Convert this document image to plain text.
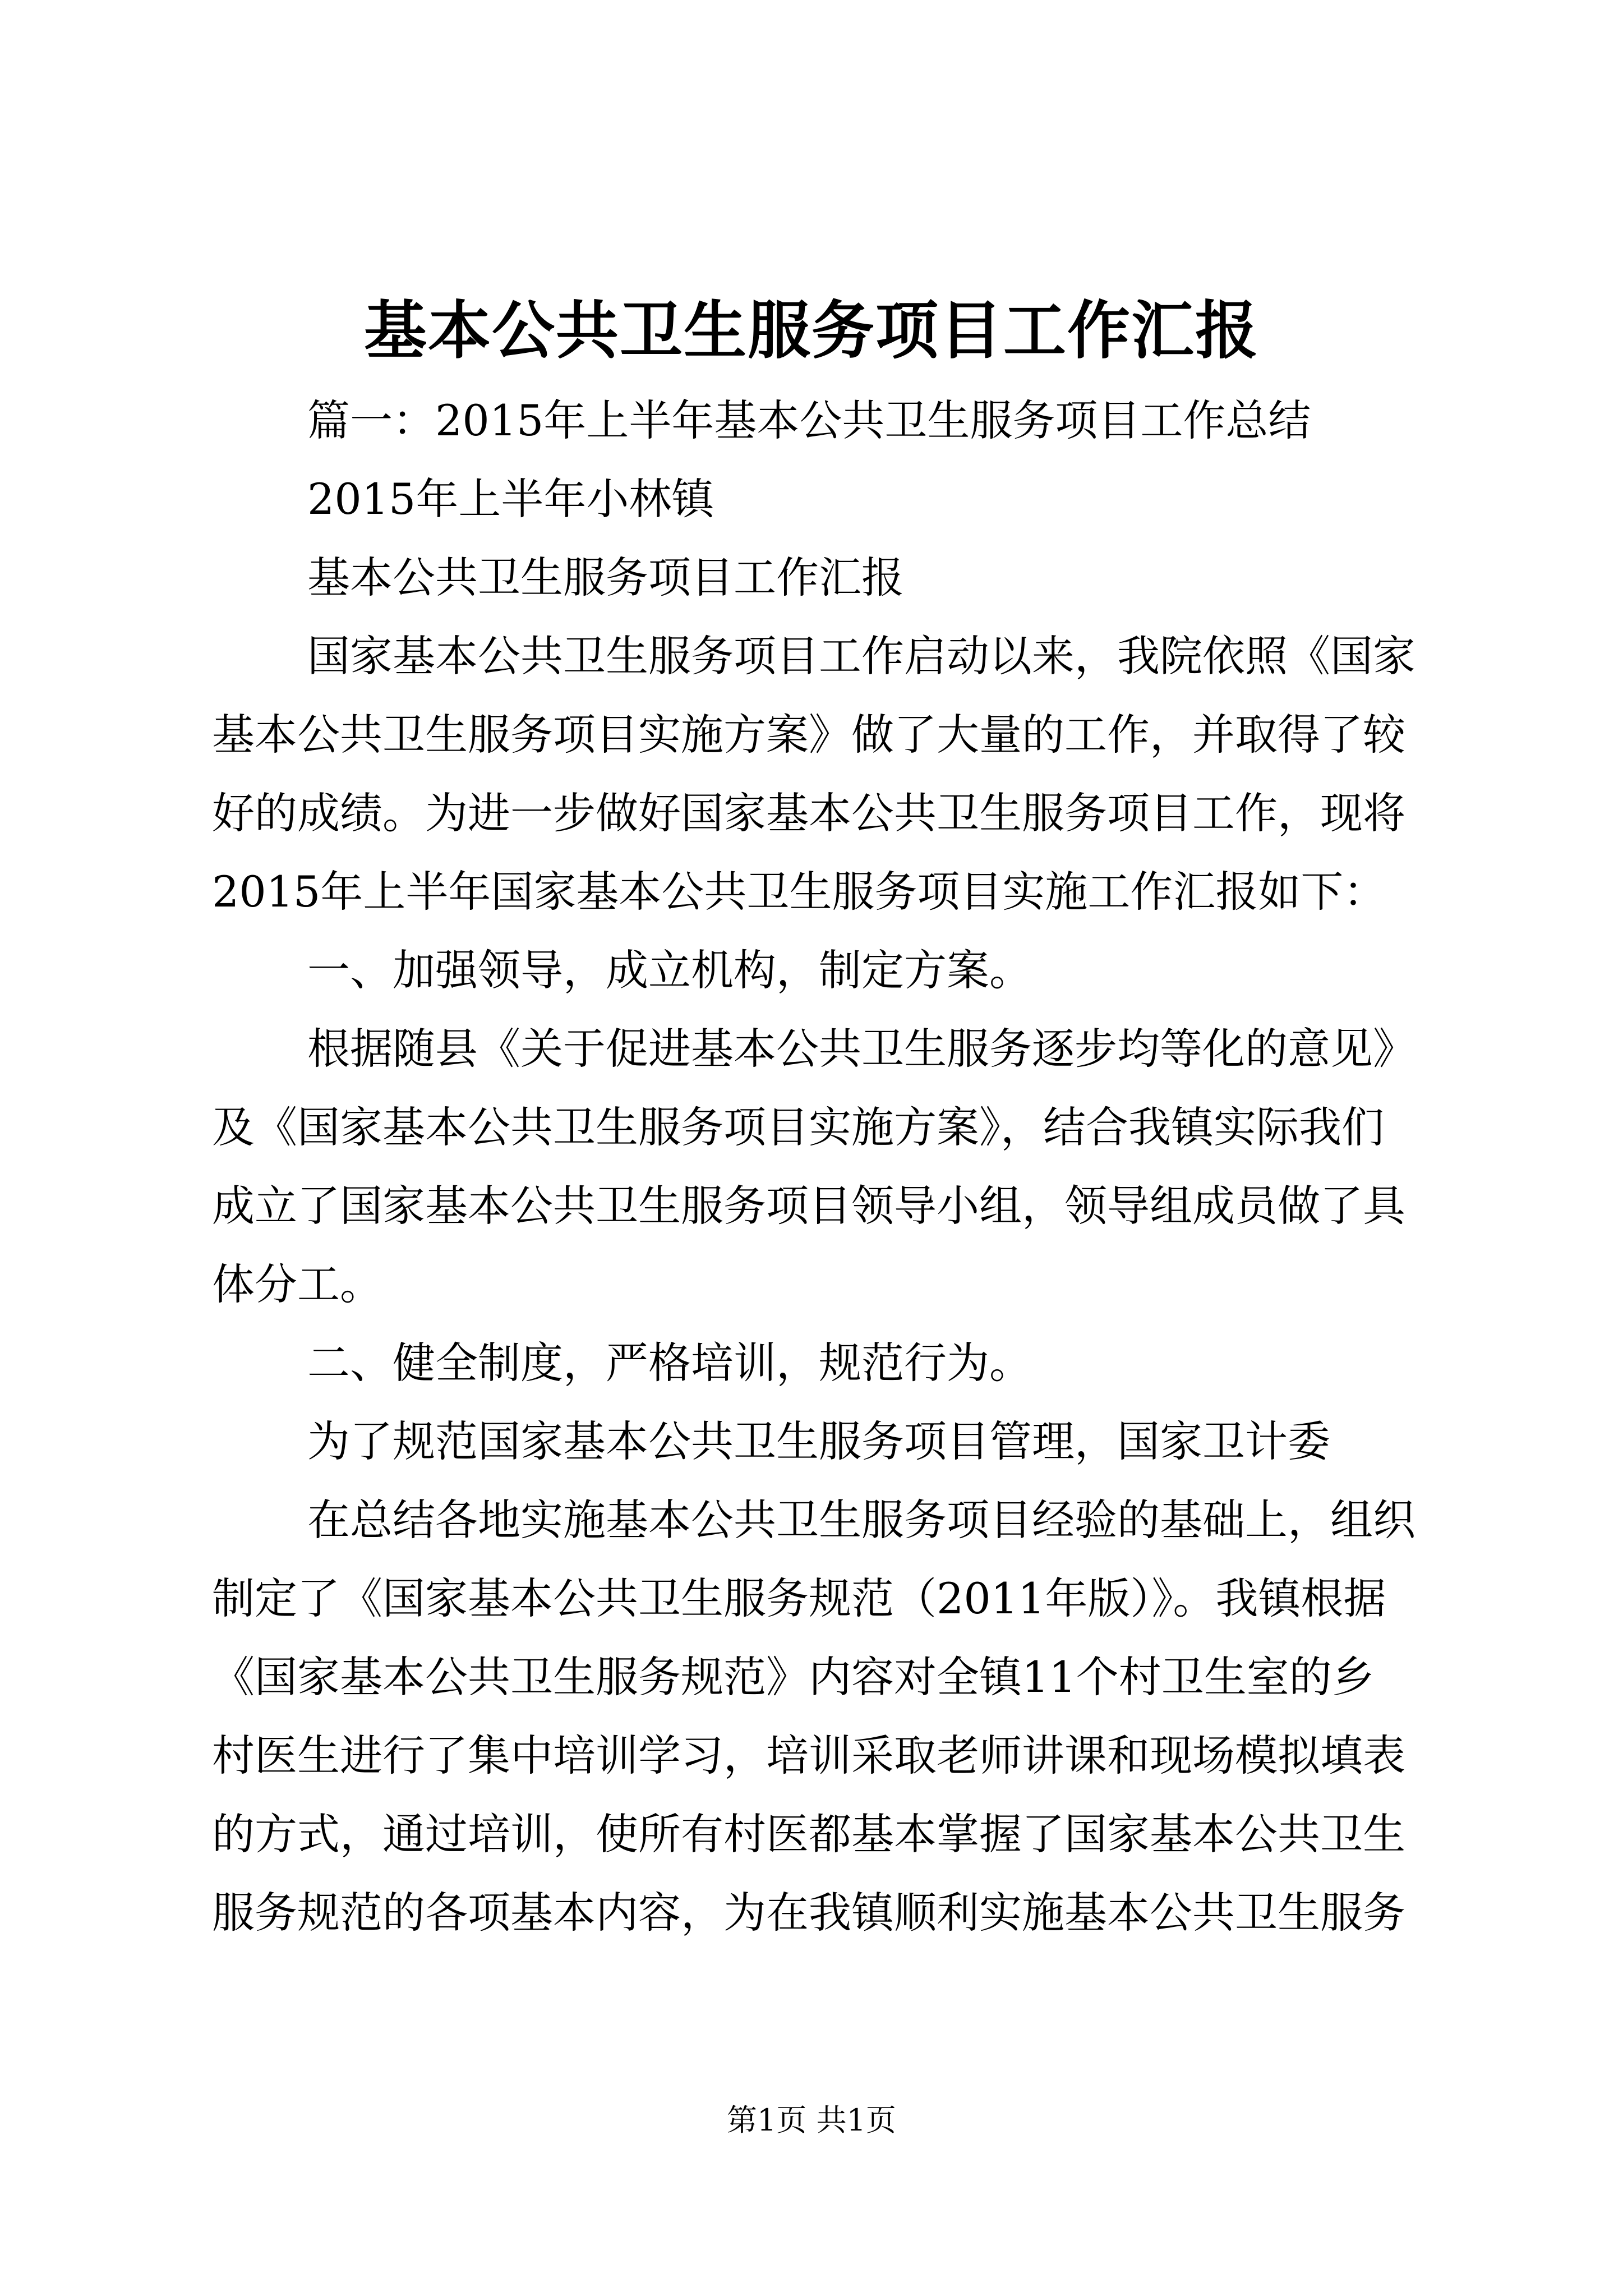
基本公共卫生服务项目工作汇报
篇一：2015年上半年基本公共卫生服务项目工作总结
2015年上半年小林镇
基本公共卫生服务项目工作汇报
国家基本公共卫生服务项目工作启动以来，我院依照《国家
基本公共卫生服务项目实施方案》做了大量的工作，并取得了较
好的成绩。为进一步做好国家基本公共卫生服务项目工作，现将
2015年上半年国家基本公共卫生服务项目实施工作汇报如下：
一、加强领导，成立机构，制定方案。
根据随县《关于促进基本公共卫生服务逐步均等化的意见》
及《国家基本公共卫生服务项目实施方案》，结合我镇实际我们
成立了国家基本公共卫生服务项目领导小组，领导组成员做了具
体分工。
二、健全制度，严格培训，规范行为。
为了规范国家基本公共卫生服务项目管理，国家卫计委
在总结各地实施基本公共卫生服务项目经验的基础上，组织
制定了《国家基本公共卫生服务规范（2011年版）》。我镇根据
《国家基本公共卫生服务规范》内容对全镇11个村卫生室的乡
村医生进行了集中培训学习，培训采取老师讲课和现场模拟填表
的方式，通过培训，使所有村医都基本掌握了国家基本公共卫生
服务规范的各项基本内容，为在我镇顺利实施基本公共卫生服务
第1页 共1页
